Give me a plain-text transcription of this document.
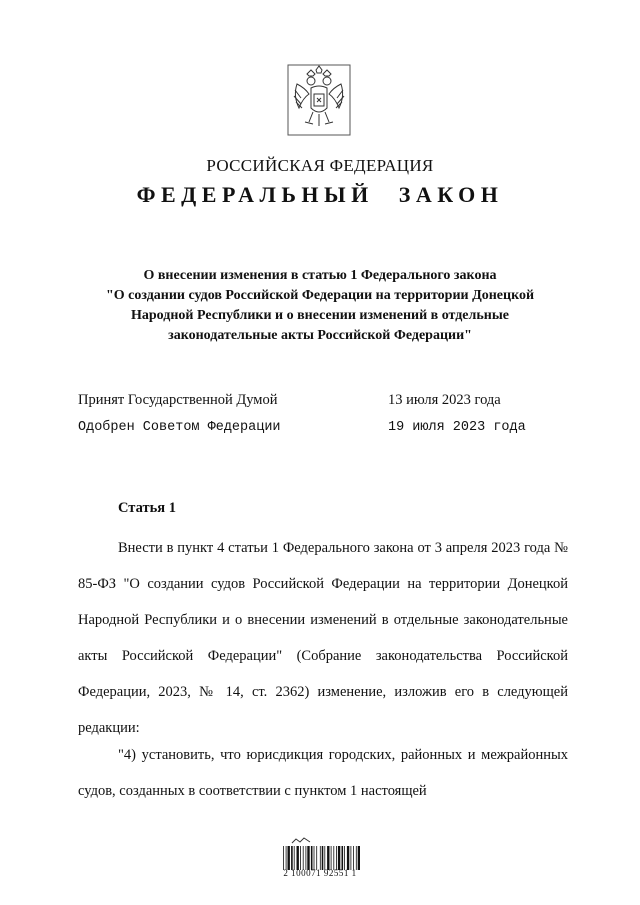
РОССИЙСКАЯ ФЕДЕРАЦИЯ
ФЕДЕРАЛЬНЫЙ ЗАКОН
О внесении изменения в статью 1 Федерального закона
"О создании судов Российской Федерации на территории Донецкой
Народной Республики и о внесении изменений в отдельные
законодательные акты Российской Федерации"
Принят Государственной Думой	13 июля 2023 года
Одобрен Советом Федерации	19 июля 2023 года
Статья 1
Внести в пункт 4 статьи 1 Федерального закона от 3 апреля 2023 года № 85-ФЗ "О создании судов Российской Федерации на территории Донецкой Народной Республики и о внесении изменений в отдельные законодательные акты Российской Федерации" (Собрание законодательства Российской Федерации, 2023, № 14, ст. 2362) изменение, изложив его в следующей редакции:
"4) установить, что юрисдикция городских, районных и межрайонных судов, созданных в соответствии с пунктом 1 настоящей
2 100071 92551 1
